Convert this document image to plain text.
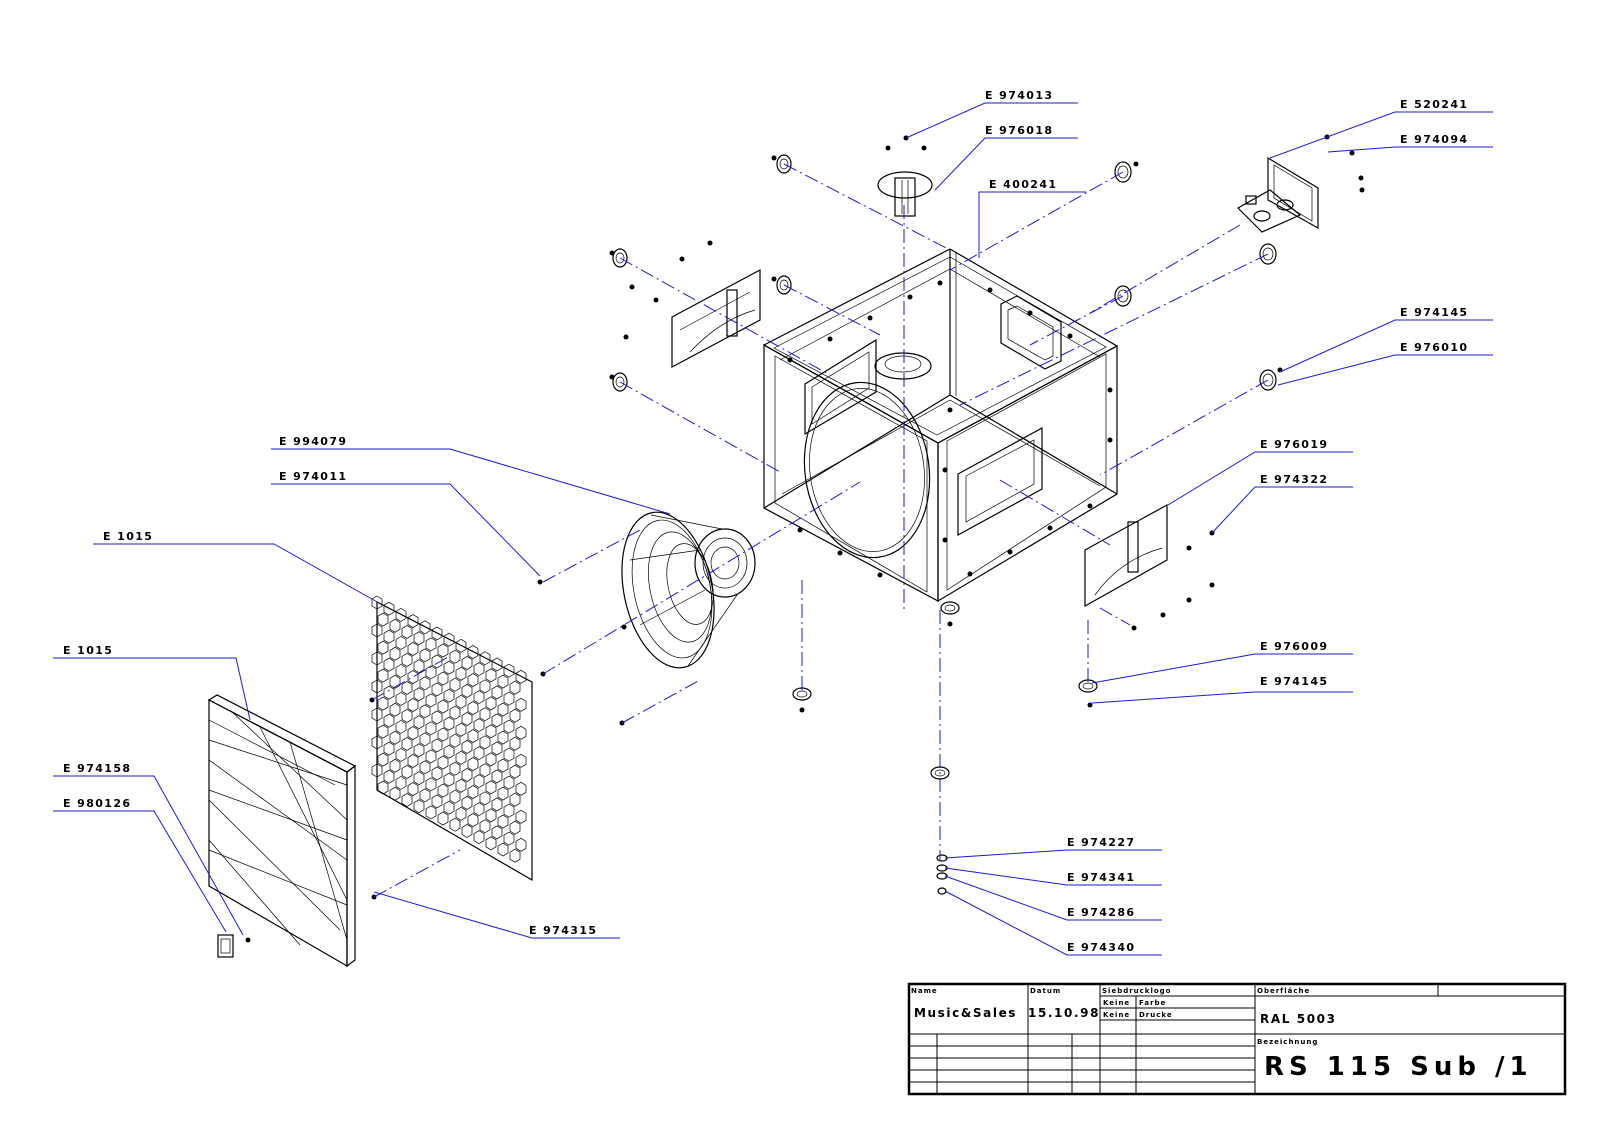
E 974013
E 976018
E 400241
E 520241
E 974094
E 974145
E 976010
E 994079
E 974011
E 1015
E 1015
E 976019
E 974322
E 976009
E 974145
E 974158
E 980126
E 974315
E 974227
E 974341
E 974286
E 974340
Name
Music&Sales
Datum
15.10.98
Siebdrucklogo
Keine Farbe
Keine Drucke
Oberfläche
RAL 5003
Bezeichnung
RS 115 Sub /1
